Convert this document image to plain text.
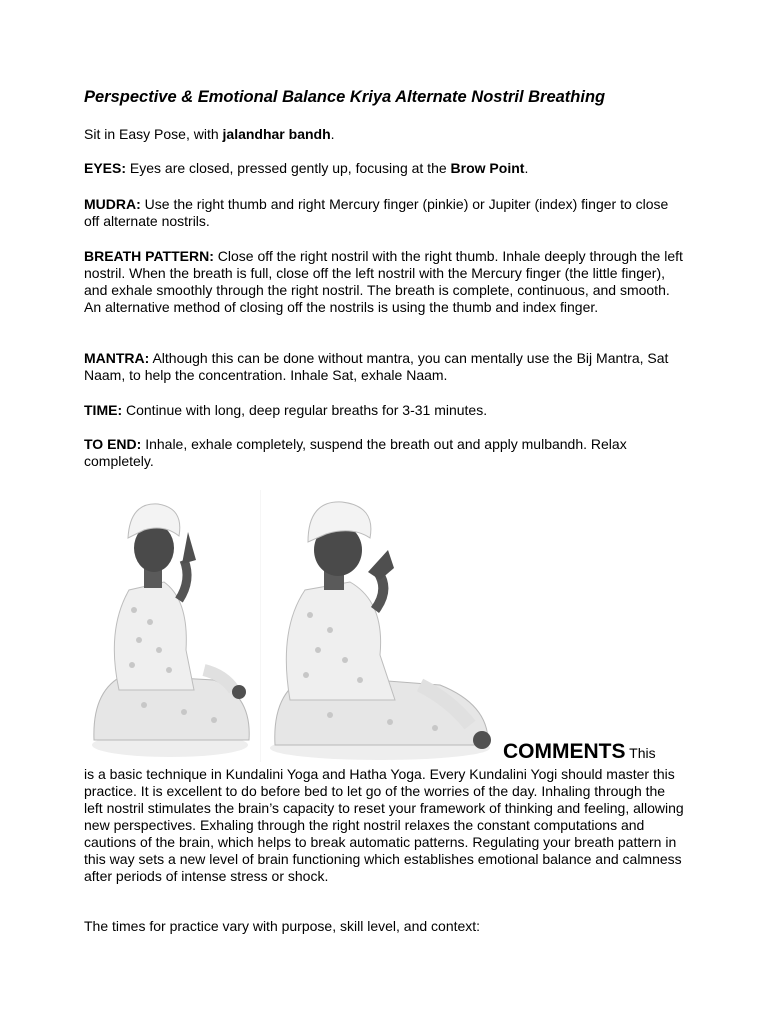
Perspective & Emotional Balance Kriya Alternate Nostril Breathing

Sit in Easy Pose, with jalandhar bandh.

EYES: Eyes are closed, pressed gently up, focusing at the Brow Point.

MUDRA: Use the right thumb and right Mercury finger (pinkie) or Jupiter (index) finger to close off alternate nostrils.

BREATH PATTERN: Close off the right nostril with the right thumb. Inhale deeply through the left nostril. When the breath is full, close off the left nostril with the Mercury finger (the little finger), and exhale smoothly through the right nostril. The breath is complete, continuous, and smooth. An alternative method of closing off the nostrils is using the thumb and index finger.

MANTRA: Although this can be done without mantra, you can mentally use the Bij Mantra, Sat Naam, to help the concentration. Inhale Sat, exhale Naam.

TIME: Continue with long, deep regular breaths for 3-31 minutes.

TO END: Inhale, exhale completely, suspend the breath out and apply mulbandh. Relax completely.

COMMENTS This

is a basic technique in Kundalini Yoga and Hatha Yoga. Every Kundalini Yogi should master this practice. It is excellent to do before bed to let go of the worries of the day. Inhaling through the left nostril stimulates the brain’s capacity to reset your framework of thinking and feeling, allowing new perspectives. Exhaling through the right nostril relaxes the constant computations and cautions of the brain, which helps to break automatic patterns. Regulating your breath pattern in this way sets a new level of brain functioning which establishes emotional balance and calmness after periods of intense stress or shock.

The times for practice vary with purpose, skill level, and context:
